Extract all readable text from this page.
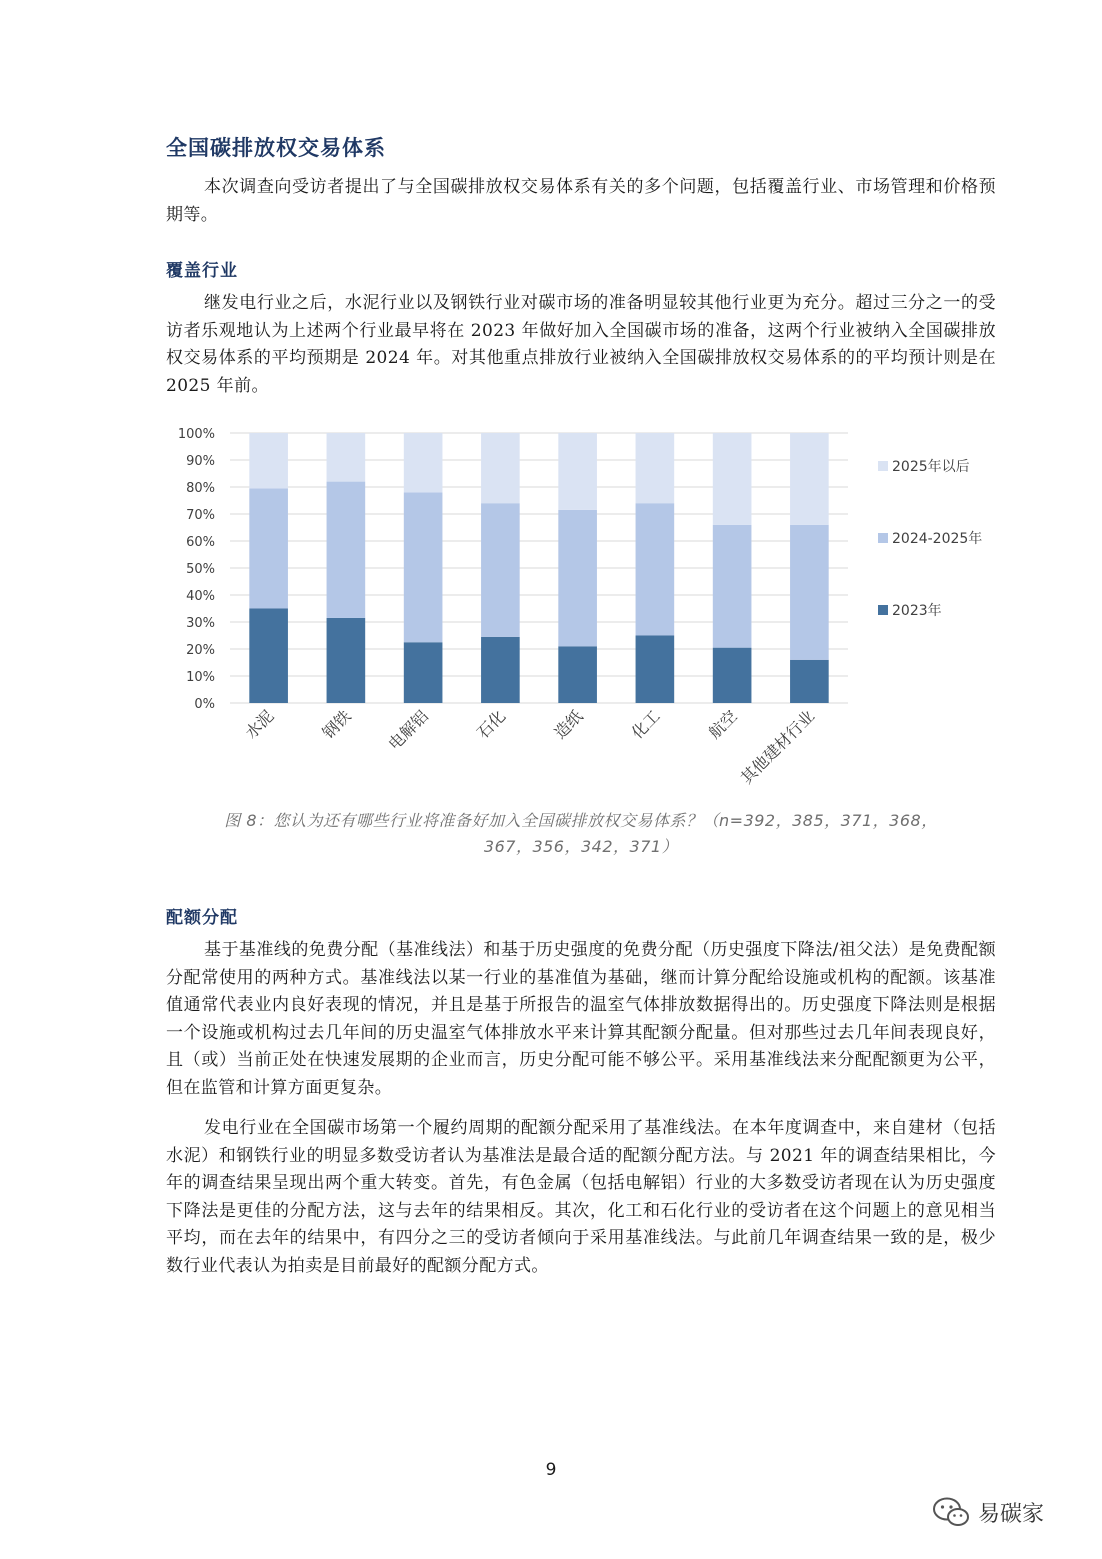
全国碳排放权交易体系

本次调查向受访者提出了与全国碳排放权交易体系有关的多个问题，包括覆盖行业、市场管理和价格预期等。

覆盖行业

继发电行业之后，水泥行业以及钢铁行业对碳市场的准备明显较其他行业更为充分。超过三分之一的受访者乐观地认为上述两个行业最早将在 2023 年做好加入全国碳市场的准备，这两个行业被纳入全国碳排放权交易体系的平均预期是 2024 年。对其他重点排放行业被纳入全国碳排放权交易体系的的平均预计则是在 2025 年前。

0%
10%
20%
30%
40%
50%
60%
70%
80%
90%
100%
水泥	钢铁 电解铝	石化	造纸	化工	航空
其他建材行业
2025年以后
2024-2025年
2023年
图 8：您认为还有哪些行业将准备好加入全国碳排放权交易体系？（n=392，385，371，368，
367，356，342，371）
配额分配

基于基准线的免费分配（基准线法）和基于历史强度的免费分配（历史强度下降法/祖父法）是免费配额分配常使用的两种方式。基准线法以某一行业的基准值为基础，继而计算分配给设施或机构的配额。该基准值通常代表业内良好表现的情况，并且是基于所报告的温室气体排放数据得出的。历史强度下降法则是根据一个设施或机构过去几年间的历史温室气体排放水平来计算其配额分配量。但对那些过去几年间表现良好，且（或）当前正处在快速发展期的企业而言，历史分配可能不够公平。采用基准线法来分配配额更为公平，但在监管和计算方面更复杂。

发电行业在全国碳市场第一个履约周期的配额分配采用了基准线法。在本年度调查中，来自建材（包括水泥）和钢铁行业的明显多数受访者认为基准法是最合适的配额分配方法。与 2021 年的调查结果相比，今年的调查结果呈现出两个重大转变。首先，有色金属（包括电解铝）行业的大多数受访者现在认为历史强度下降法是更佳的分配方法，这与去年的结果相反。其次，化工和石化行业的受访者在这个问题上的意见相当平均，而在去年的结果中，有四分之三的受访者倾向于采用基准线法。与此前几年调查结果一致的是，极少数行业代表认为拍卖是目前最好的配额分配方式。

9
易碳家
